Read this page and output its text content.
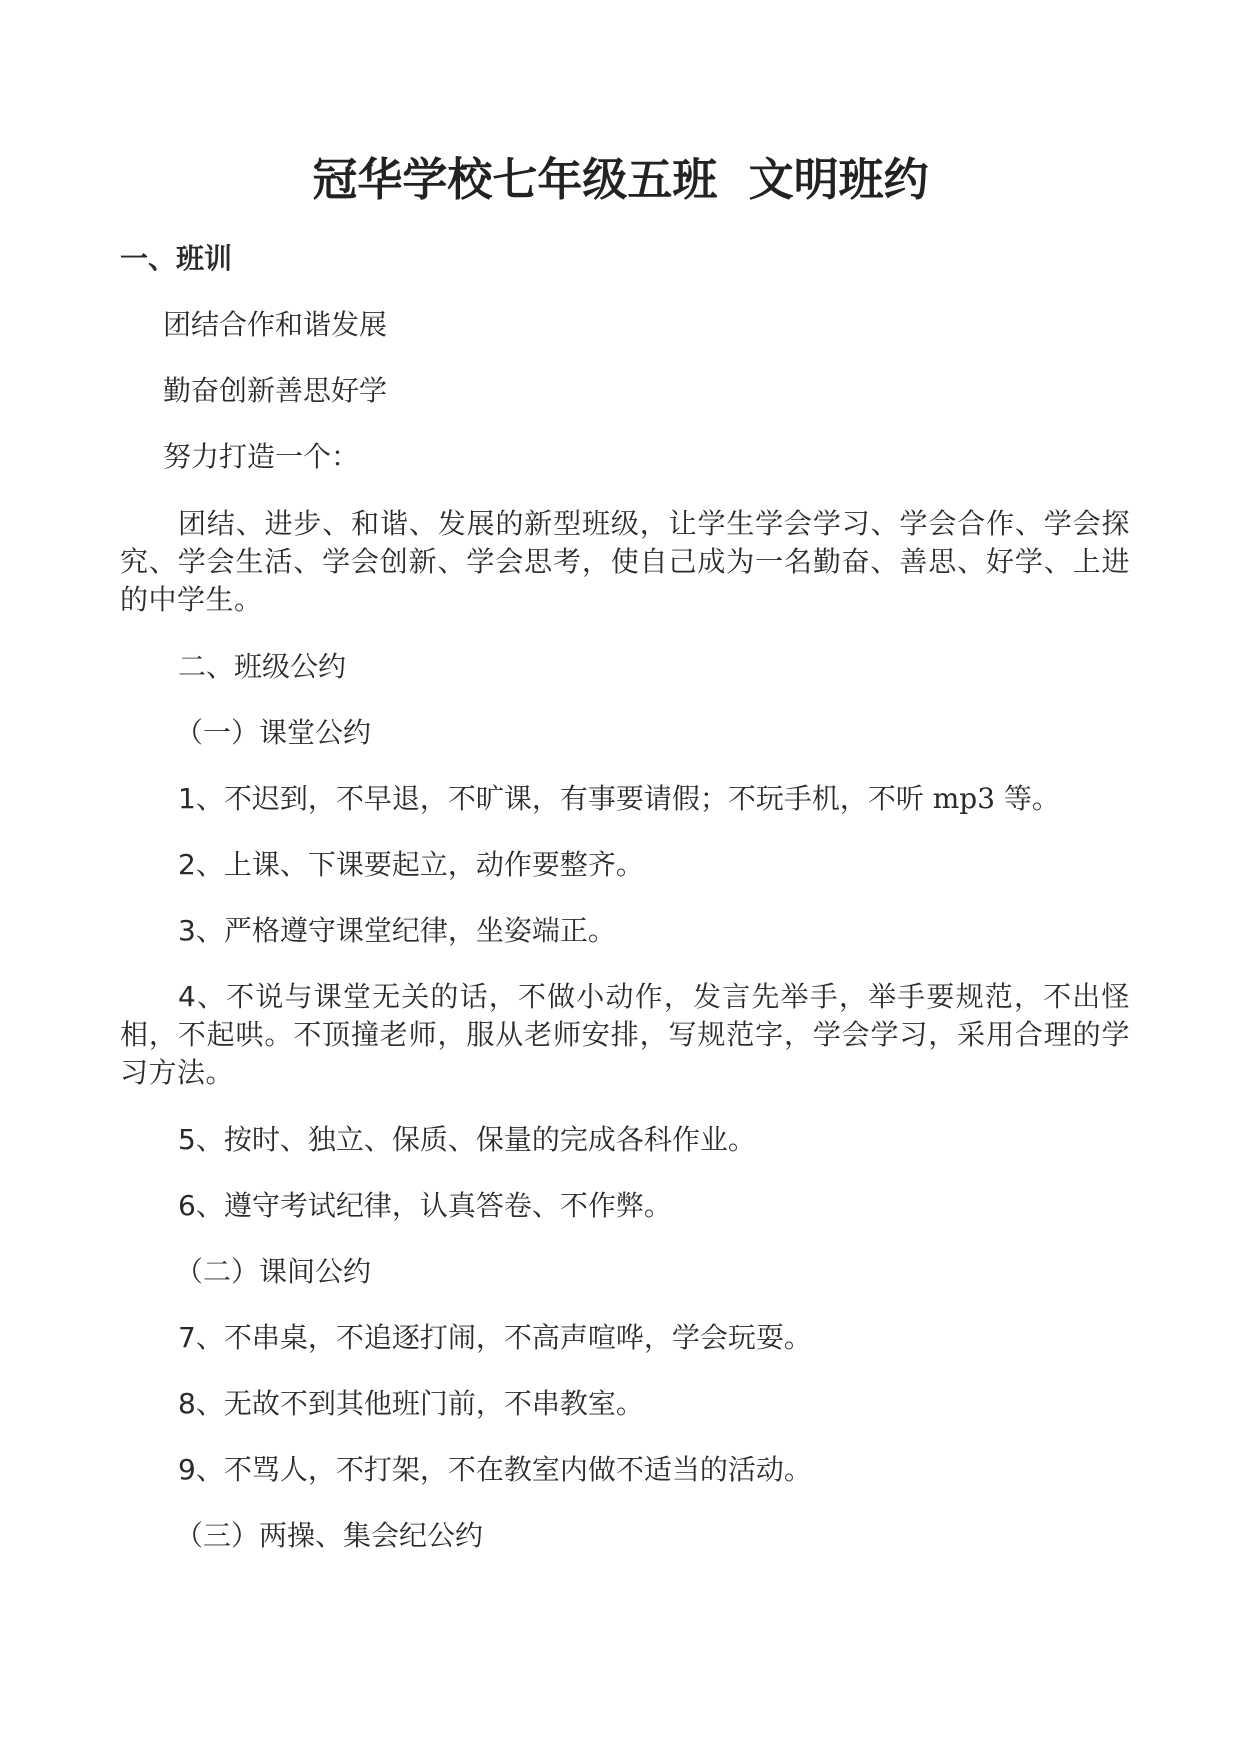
冠华学校七年级五班  文明班约
一、班训
团结合作和谐发展
勤奋创新善思好学
努力打造一个：

团结、进步、和谐、发展的新型班级，让学生学会学习、学会合作、学会探究、学会生活、学会创新、学会思考，使自己成为一名勤奋、善思、好学、上进的中学生。

二、班级公约
（一）课堂公约
1、不迟到，不早退，不旷课，有事要请假；不玩手机，不听 mp3 等。
2、上课、下课要起立，动作要整齐。
3、严格遵守课堂纪律，坐姿端正。

4、不说与课堂无关的话，不做小动作，发言先举手，举手要规范，不出怪相，不起哄。不顶撞老师，服从老师安排，写规范字，学会学习，采用合理的学习方法。

5、按时、独立、保质、保量的完成各科作业。
6、遵守考试纪律，认真答卷、不作弊。
（二）课间公约
7、不串桌，不追逐打闹，不高声喧哗，学会玩耍。
8、无故不到其他班门前，不串教室。
9、不骂人，不打架，不在教室内做不适当的活动。
（三）两操、集会纪公约
